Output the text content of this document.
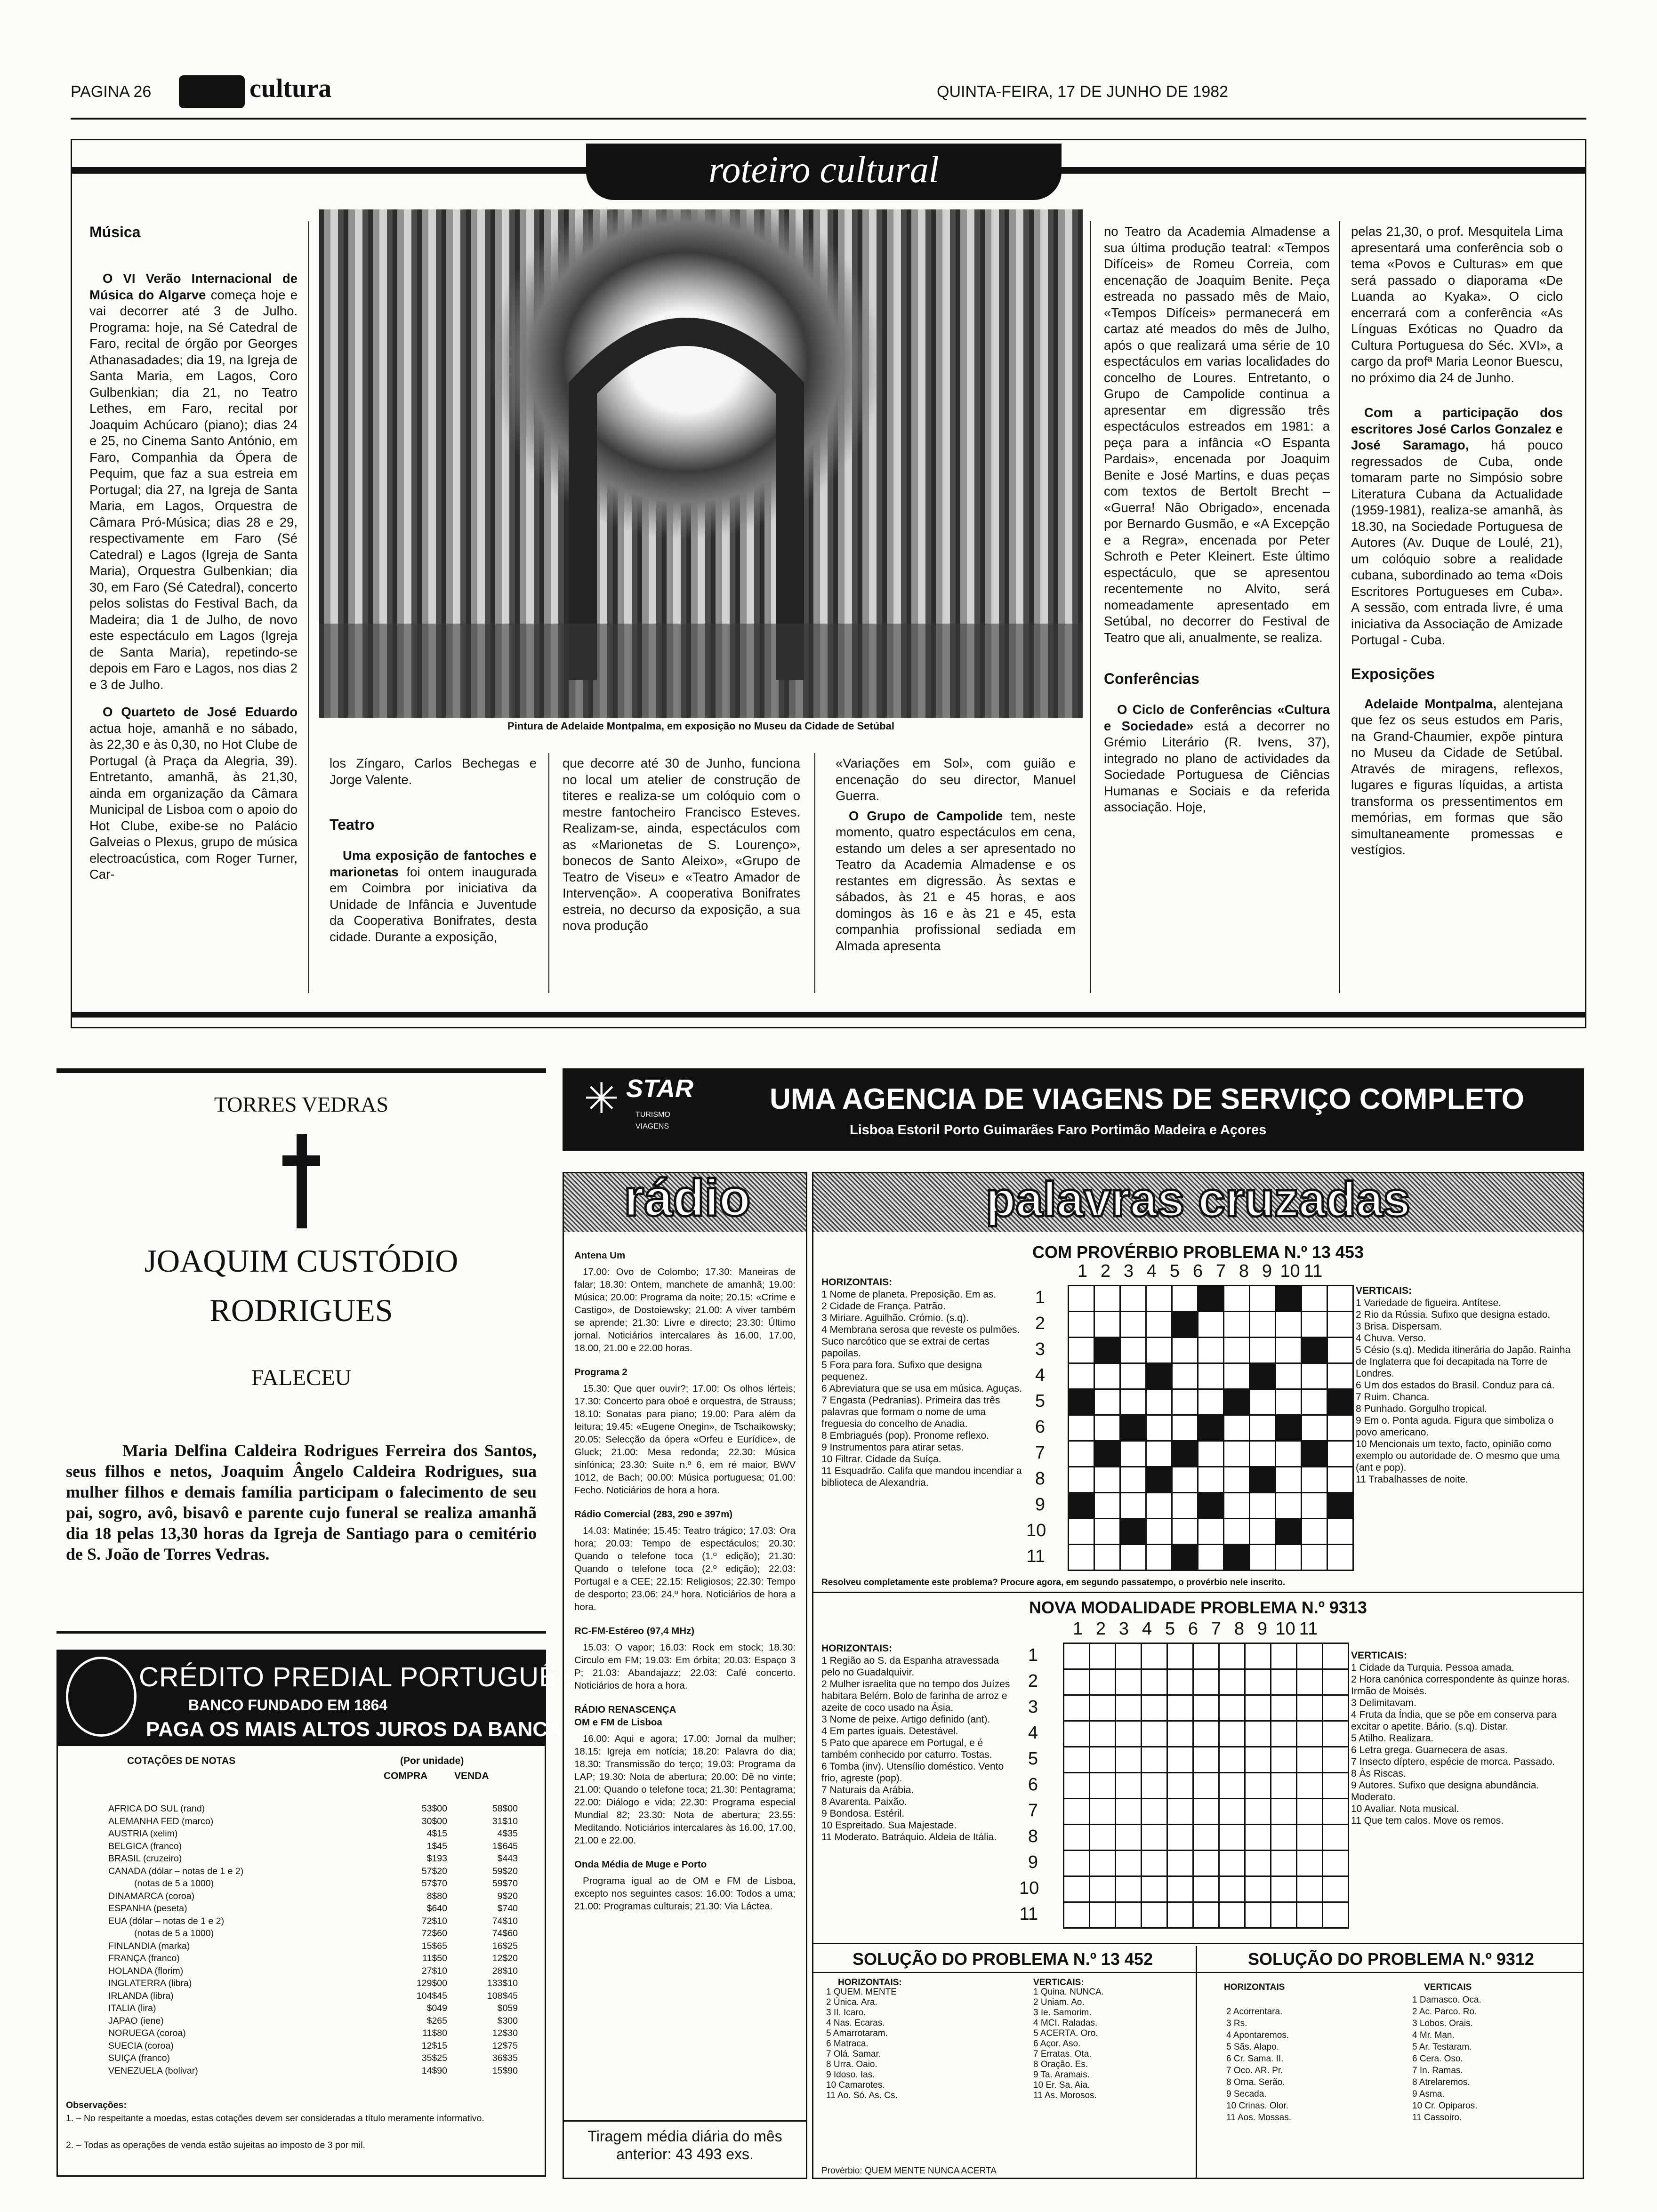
PAGINA 26	cultura	QUINTA-FEIRA, 17 DE JUNHO DE 1982
roteiro cultural
Música
O VI Verão Internacional de Música do Algarve começa hoje e vai decorrer até 3 de Julho. Programa: hoje, na Sé Catedral de Faro, recital de órgão por Georges Athanasadades; dia 19, na Igreja de Santa Maria, em Lagos, Coro Gulbenkian; dia 21, no Teatro Lethes, em Faro, recital por Joaquim Achúcaro (piano); dias 24 e 25, no Cinema Santo António, em Faro, Companhia da Ópera de Pequim, que faz a sua estreia em Portugal; dia 27, na Igreja de Santa Maria, em Lagos, Orquestra de Câmara Pró-Música; dias 28 e 29, respectivamente em Faro (Sé Catedral) e Lagos (Igreja de Santa Maria), Orquestra Gulbenkian; dia 30, em Faro (Sé Catedral), concerto pelos solistas do Festival Bach, da Madeira; dia 1 de Julho, de novo este espectáculo em Lagos (Igreja de Santa Maria), repetindo-se depois em Faro e Lagos, nos dias 2 e 3 de Julho.
O Quarteto de José Eduardo actua hoje, amanhã e no sábado, às 22,30 e às 0,30, no Hot Clube de Portugal (à Praça da Alegria, 39). Entretanto, amanhã, às 21,30, ainda em organização da Câmara Municipal de Lisboa com o apoio do Hot Clube, exibe-se no Palácio Galveias o Plexus, grupo de música electroacústica, com Roger Turner, Car-
Pintura de Adelaide Montpalma, em exposição no Museu da Cidade de Setúbal
los Zíngaro, Carlos Bechegas e Jorge Valente.
Teatro
Uma exposição de fantoches e marionetas foi ontem inaugurada em Coimbra por iniciativa da Unidade de Infância e Juventude da Cooperativa Bonifrates, desta cidade. Durante a exposição,
que decorre até 30 de Junho, funciona no local um atelier de construção de titeres e realiza-se um colóquio com o mestre fantocheiro Francisco Esteves. Realizam-se, ainda, espectáculos com as «Marionetas de S. Lourenço», bonecos de Santo Aleixo», «Grupo de Teatro de Viseu» e «Teatro Amador de Intervenção». A cooperativa Bonifrates estreia, no decurso da exposição, a sua nova produção
«Variações em Sol», com guião e encenação do seu director, Manuel Guerra.
O Grupo de Campolide tem, neste momento, quatro espectáculos em cena, estando um deles a ser apresentado no Teatro da Academia Almadense e os restantes em digressão. Às sextas e sábados, às 21 e 45 horas, e aos domingos às 16 e às 21 e 45, esta companhia profissional sediada em Almada apresenta
no Teatro da Academia Almadense a sua última produção teatral: «Tempos Difíceis» de Romeu Correia, com encenação de Joaquim Benite. Peça estreada no passado mês de Maio, «Tempos Difíceis» permanecerá em cartaz até meados do mês de Julho, após o que realizará uma série de 10 espectáculos em varias localidades do concelho de Loures. Entretanto, o Grupo de Campolide continua a apresentar em digressão três espectáculos estreados em 1981: a peça para a infância «O Espanta Pardais», encenada por Joaquim Benite e José Martins, e duas peças com textos de Bertolt Brecht – «Guerra! Não Obrigado», encenada por Bernardo Gusmão, e «A Excepção e a Regra», encenada por Peter Schroth e Peter Kleinert. Este último espectáculo, que se apresentou recentemente no Alvito, será nomeadamente apresentado em Setúbal, no decorrer do Festival de Teatro que ali, anualmente, se realiza.
Conferências
O Ciclo de Conferências «Cultura e Sociedade» está a decorrer no Grémio Literário (R. Ivens, 37), integrado no plano de actividades da Sociedade Portuguesa de Ciências Humanas e Sociais e da referida associação. Hoje,
pelas 21,30, o prof. Mesquitela Lima apresentará uma conferência sob o tema «Povos e Culturas» em que será passado o diaporama «De Luanda ao Kyaka». O ciclo encerrará com a conferência «As Línguas Exóticas no Quadro da Cultura Portuguesa do Séc. XVI», a cargo da profª Maria Leonor Buescu, no próximo dia 24 de Junho.
Com a participação dos escritores José Carlos Gonzalez e José Saramago, há pouco regressados de Cuba, onde tomaram parte no Simpósio sobre Literatura Cubana da Actualidade (1959-1981), realiza-se amanhã, às 18.30, na Sociedade Portuguesa de Autores (Av. Duque de Loulé, 21), um colóquio sobre a realidade cubana, subordinado ao tema «Dois Escritores Portugueses em Cuba». A sessão, com entrada livre, é uma iniciativa da Associação de Amizade Portugal - Cuba.
Exposições
Adelaide Montpalma, alentejana que fez os seus estudos em Paris, na Grand-Chaumier, expõe pintura no Museu da Cidade de Setúbal. Através de miragens, reflexos, lugares e figuras líquidas, a artista transforma os pressentimentos em memórias, em formas que são simultaneamente promessas e vestígios.
TORRES VEDRAS
JOAQUIM CUSTÓDIO
RODRIGUES
FALECEU
Maria Delfina Caldeira Rodrigues Ferreira dos Santos, seus filhos e netos, Joaquim Ângelo Caldeira Rodrigues, sua mulher filhos e demais família participam o falecimento de seu pai, sogro, avô, bisavô e parente cujo funeral se realiza amanhã dia 18 pelas 13,30 horas da Igreja de Santiago para o cemitério de S. João de Torres Vedras.
CRÉDITO PREDIAL PORTUGUÊS
BANCO FUNDADO EM 1864
PAGA OS MAIS ALTOS JUROS DA BANCA
COTAÇÕES DE NOTAS	(Por unidade)
COMPRA	VENDA
AFRICA DO SUL (rand)	53$00	58$00
ALEMANHA FED (marco)	30$00	31$10
AUSTRIA (xelim)	4$15	4$35
BELGICA (franco)	1$45	1$645
BRASIL (cruzeiro)	$193	$443
CANADA (dólar – notas de 1 e 2)	57$20	59$20
(notas de 5 a 1000)	57$70	59$70
DINAMARCA (coroa)	8$80	9$20
ESPANHA (peseta)	$640	$740
EUA (dólar – notas de 1 e 2)	72$10	74$10
(notas de 5 a 1000)	72$60	74$60
FINLANDIA (marka)	15$65	16$25
FRANÇA (franco)	11$50	12$20
HOLANDA (florim)	27$10	28$10
INGLATERRA (libra)	129$00	133$10
IRLANDA (libra)	104$45	108$45
ITALIA (lira)	$049	$059
JAPAO (iene)	$265	$300
NORUEGA (coroa)	11$80	12$30
SUECIA (coroa)	12$15	12$75
SUIÇA (franco)	35$25	36$35
VENEZUELA (bolivar)	14$90	15$90
Observações:
1. – No respeitante a moedas, estas cotações devem ser consideradas a título meramente informativo.
2. – Todas as operações de venda estão sujeitas ao imposto de 3 por mil.
✳ STAR
TURISMO
VIAGENS
UMA AGENCIA DE VIAGENS DE SERVIÇO COMPLETO
Lisboa Estoril Porto Guimarães Faro Portimão Madeira e Açores
rádio
Antena Um

17.00: Ovo de Colombo; 17.30: Maneiras de falar; 18.30: Ontem, manchete de amanhã; 19.00: Música; 20.00: Programa da noite; 20.15: «Crime e Castigo», de Dostoiewsky; 21.00: A viver também se aprende; 21.30: Livre e directo; 23.30: Último jornal. Noticiários intercalares às 16.00, 17.00, 18.00, 21.00 e 22.00 horas.

Programa 2

15.30: Que quer ouvir?; 17.00: Os olhos lérteis; 17.30: Concerto para oboé e orquestra, de Strauss; 18.10: Sonatas para piano; 19.00: Para além da leitura; 19.45: «Eugene Onegin», de Tschaikowsky; 20.05: Selecção da ópera «Orfeu e Eurídice», de Gluck; 21.00: Mesa redonda; 22.30: Música sinfónica; 23.30: Suite n.º 6, em ré maior, BWV 1012, de Bach; 00.00: Música portuguesa; 01.00: Fecho. Noticiários de hora a hora.

Rádio Comercial (283, 290 e 397m)

14.03: Matinée; 15.45: Teatro trágico; 17.03: Ora hora; 20.03: Tempo de espectáculos; 20.30: Quando o telefone toca (1.º edição); 21.30: Quando o telefone toca (2.º edição); 22.03: Portugal e a CEE; 22.15: Religiosos; 22.30: Tempo de desporto; 23.06: 24.º hora. Noticiários de hora a hora.

RC-FM-Estéreo (97,4 MHz)

15.03: O vapor; 16.03: Rock em stock; 18.30: Circulo em FM; 19.03: Em órbita; 20.03: Espaço 3 P; 21.03: Abandajazz; 22.03: Café concerto. Noticiários de hora a hora.

RÁDIO RENASCENÇA
OM e FM de Lisboa

16.00: Aqui e agora; 17.00: Jornal da mulher; 18.15: Igreja em notícia; 18.20: Palavra do dia; 18.30: Transmissão do terço; 19.03: Programa da LAP; 19.30: Nota de abertura; 20.00: Dê no vinte; 21.00: Quando o telefone toca; 21.30: Pentagrama; 22.00: Diálogo e vida; 22.30: Programa especial Mundial 82; 23.30: Nota de abertura; 23.55: Meditando. Noticiários intercalares às 16.00, 17.00, 21.00 e 22.00.

Onda Média de Muge e Porto

Programa igual ao de OM e FM de Lisboa, excepto nos seguintes casos: 16.00: Todos a uma; 21.00: Programas culturais; 21.30: Via Láctea.

Tiragem média diária do mês anterior: 43 493 exs.
palavras cruzadas
COM PROVÉRBIO PROBLEMA N.º 13 453
1 2 3 4 5 6 7 8 9 10 11
HORIZONTAIS:
1 Nome de planeta. Preposição. Em as.
2 Cidade de França. Patrão.
3 Miriare. Aguilhão. Crómio. (s.q).
4 Membrana serosa que reveste os pulmões. Suco narcótico que se extrai de certas papoilas.
5 Fora para fora. Sufixo que designa pequenez.
6 Abreviatura que se usa em música. Aguças.
7 Engasta (Pedranias). Primeira das três palavras que formam o nome de uma freguesia do concelho de Anadia.
8 Embriagués (pop). Pronome reflexo.
9 Instrumentos para atirar setas.
10 Filtrar. Cidade da Suíça.
11 Esquadrão. Califa que mandou incendiar a biblioteca de Alexandria.
1
2
3
4
5
6
7
8
9
10
11

VERTICAIS:
1 Variedade de figueira. Antítese.
2 Rio da Rússia. Sufixo que designa estado.
3 Brisa. Dispersam.
4 Chuva. Verso.
5 Césio (s.q). Medida itinerária do Japão. Rainha de Inglaterra que foi decapitada na Torre de Londres.
6 Um dos estados do Brasil. Conduz para cá.
7 Ruim. Chanca.
8 Punhado. Gorgulho tropical.
9 Em o. Ponta aguda. Figura que simboliza o povo americano.
10 Mencionais um texto, facto, opinião como exemplo ou autoridade de. O mesmo que uma (ant e pop).
11 Trabalhasses de noite.
Resolveu completamente este problema? Procure agora, em segundo passatempo, o provérbio nele inscrito.
NOVA MODALIDADE PROBLEMA N.º 9313
1 2 3 4 5 6 7 8 9 10 11
HORIZONTAIS:
1 Região ao S. da Espanha atravessada pelo no Guadalquivir.
2 Mulher israelita que no tempo dos Juízes habitara Belém. Bolo de farinha de arroz e azeite de coco usado na Ásia.
3 Nome de peixe. Artigo definido (ant).
4 Em partes iguais. Detestável.
5 Pato que aparece em Portugal, e é também conhecido por caturro. Tostas.
6 Tomba (inv). Utensílio doméstico. Vento frio, agreste (pop).
7 Naturais da Arábia.
8 Avarenta. Paixão.
9 Bondosa. Estéril.
10 Espreitado. Sua Majestade.
11 Moderato. Batráquio. Aldeia de Itália.
1
2
3
4
5
6
7
8
9
10
11

VERTICAIS:
1 Cidade da Turquia. Pessoa amada.
2 Hora canónica correspondente às quinze horas. Irmão de Moisés.
3 Delimitavam.
4 Fruta da Índia, que se põe em conserva para excitar o apetite. Bário. (s.q). Distar.
5 Atilho. Realizara.
6 Letra grega. Guarnecera de asas.
7 Insecto díptero, espécie de morca. Passado.
8 Às Riscas.
9 Autores. Sufixo que designa abundância. Moderato.
10 Avaliar. Nota musical.
11 Que tem calos. Move os remos.
SOLUÇÃO DO PROBLEMA N.º 13 452
HORIZONTAIS:
1 QUEM. MENTE
2 Única. Ara.
3 II. Icaro.
4 Nas. Ecaras.
5 Amarrotaram.
6 Matraca.
7 Olá. Samar.
8 Urra. Oaio.
9 Idoso. Ias.
10 Camarotes.
11 Ao. Só. As. Cs.
VERTICAIS:
1 Quina. NUNCA.
2 Uniam. Ao.
3 Ie. Samorim.
4 MCI. Raladas.
5 ACERTA. Oro.
6 Açor. Aso.
7 Erratas. Ota.
8 Oração. Es.
9 Ta. Aramais.
10 Er. Sa. Aia.
11 As. Morosos.
Provérbio: QUEM MENTE NUNCA ACERTA
SOLUÇÃO DO PROBLEMA N.º 9312
HORIZONTAIS
2 Acorrentara.
3 Rs.
4 Apontaremos.
5 Sãs. Alapo.
6 Cr. Sama. II.
7 Oco. AR. Pr.
8 Orna. Serão.
9 Secada.
10 Crinas. Olor.
11 Aos. Mossas.
VERTICAIS
1 Damasco. Oca.
2 Ac. Parco. Ro.
3 Lobos. Orais.
4 Mr. Man.
5 Ar. Testaram.
6 Cera. Oso.
7 In. Ramas.
8 Atrelaremos.
9 Asma.
10 Cr. Opiparos.
11 Cassoiro.
